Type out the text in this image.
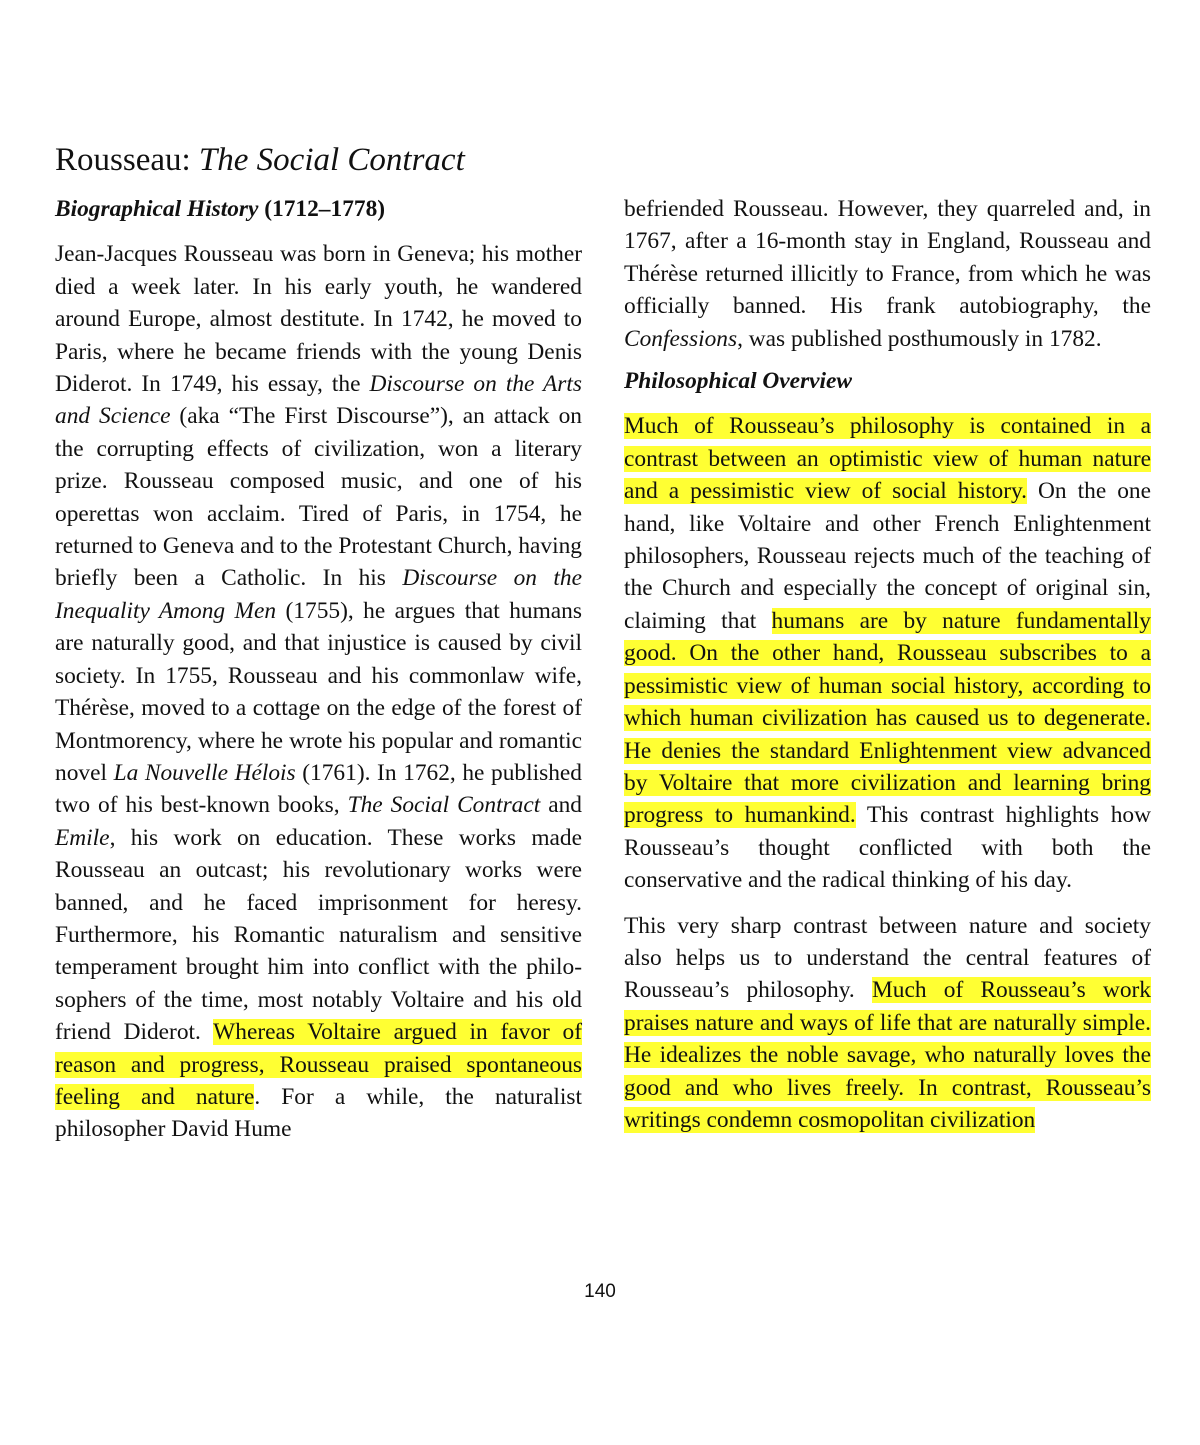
Rousseau: The Social Contract
Biographical History (1712–1778)

Jean-Jacques Rousseau was born in Geneva; his mother died a week later. In his early youth, he wandered around Europe, almost destitute. In 1742, he moved to Paris, where he became friends with the young Denis Diderot. In 1749, his essay, the Discourse on the Arts and Science (aka “The First Discourse”), an attack on the corrupting effects of civilization, won a literary prize. Rousseau composed music, and one of his operettas won acclaim. Tired of Paris, in 1754, he returned to Geneva and to the Protestant Church, having briefly been a Catholic. In his Discourse on the Inequality Among Men (1755), he argues that humans are naturally good, and that injustice is caused by civil society. In 1755, Rousseau and his commonlaw wife, Thérèse, moved to a cottage on the edge of the forest of Montmorency, where he wrote his popular and romantic novel La Nouvelle Hélois (1761). In 1762, he published two of his best-known books, The Social Contract and Emile, his work on education. These works made Rousseau an outcast; his revolutionary works were banned, and he faced imprisonment for heresy. Furthermore, his Romantic naturalism and sensitive temperament brought him into conflict with the philosophers of the time, most notably Voltaire and his old friend Diderot. Whereas Voltaire argued in favor of reason and progress, Rousseau praised spontaneous feeling and nature. For a while, the naturalist philosopher David Hume

befriended Rousseau. However, they quarreled and, in 1767, after a 16-month stay in England, Rousseau and Thérèse returned illicitly to France, from which he was officially banned. His frank autobiography, the Confessions, was published posthumously in 1782.

Philosophical Overview

Much of Rousseau’s philosophy is contained in a contrast between an optimistic view of human nature and a pessimistic view of social history. On the one hand, like Voltaire and other French Enlightenment philosophers, Rousseau rejects much of the teaching of the Church and especially the concept of original sin, claiming that humans are by nature fundamentally good. On the other hand, Rousseau subscribes to a pessimistic view of human social history, according to which human civilization has caused us to degenerate. He denies the standard Enlightenment view advanced by Voltaire that more civilization and learning bring progress to humankind. This contrast highlights how Rousseau’s thought conflicted with both the conservative and the radical thinking of his day.

This very sharp contrast between nature and society also helps us to understand the central features of Rousseau’s philosophy. Much of Rousseau’s work praises nature and ways of life that are naturally simple. He idealizes the noble savage, who naturally loves the good and who lives freely. In contrast, Rousseau’s writings condemn cosmopolitan civilization

140
